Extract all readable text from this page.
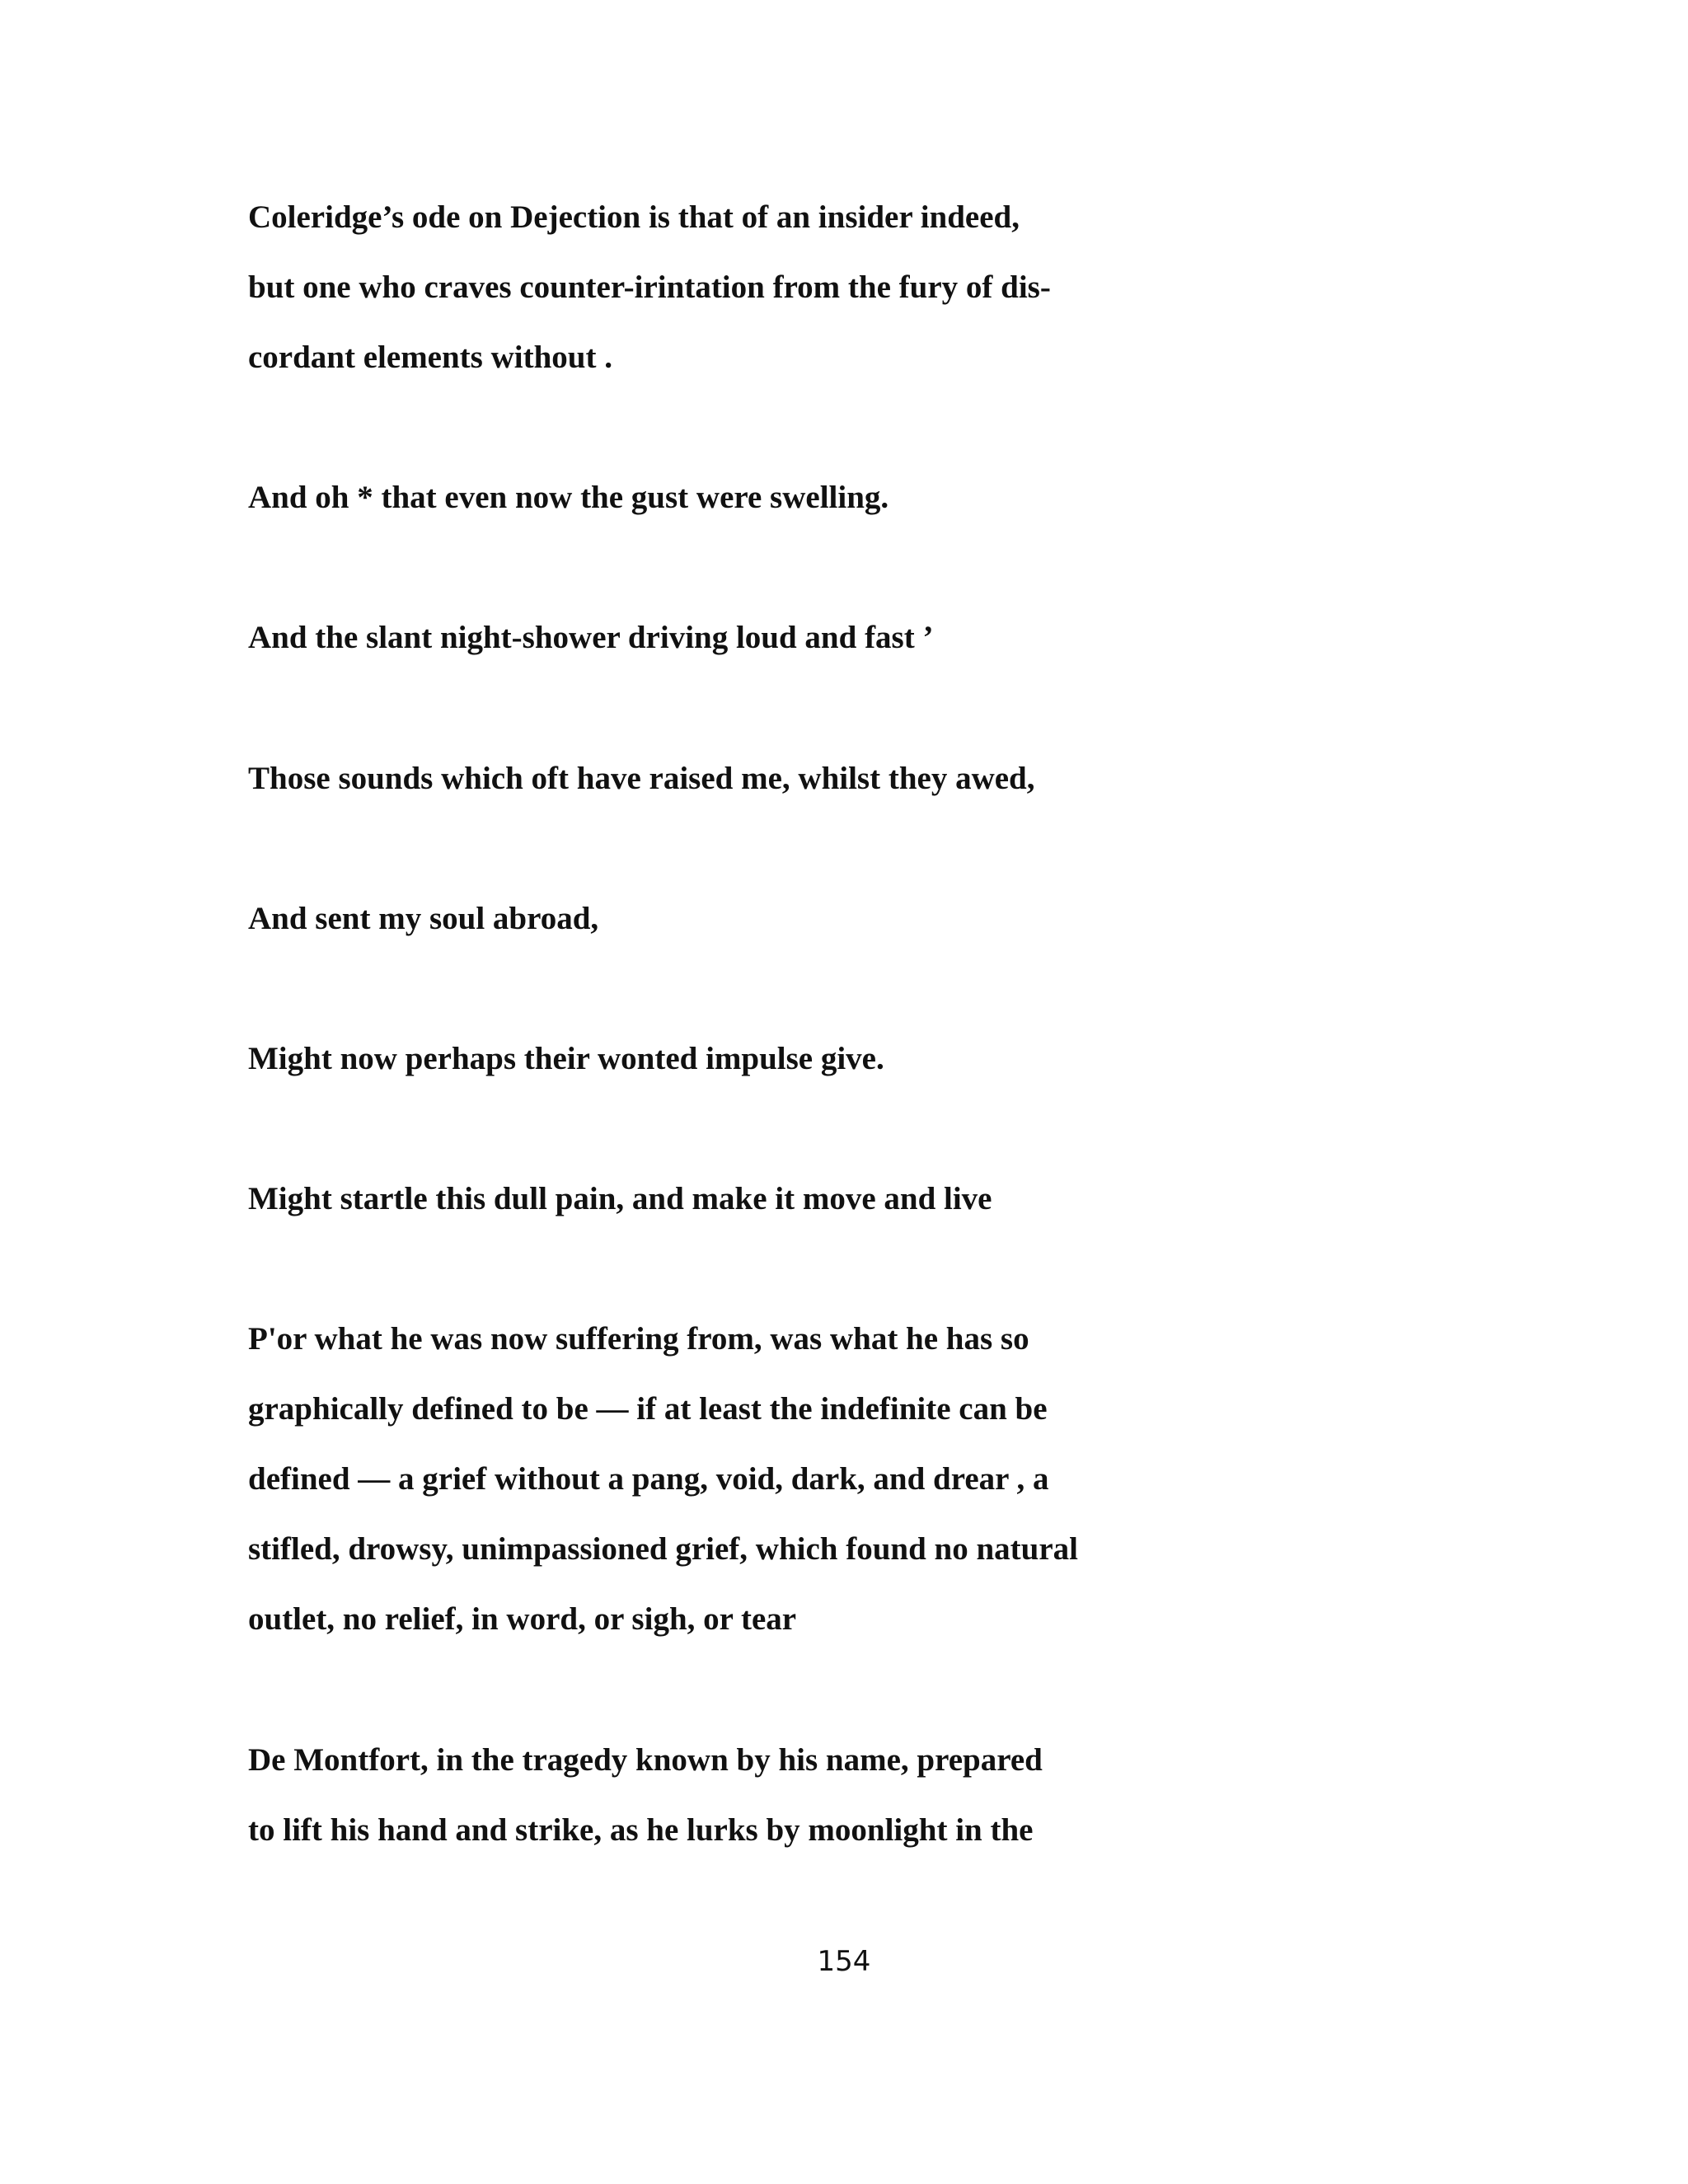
Coleridge’s ode on Dejection is that of an insider indeed,
but one who craves counter-irintation from the fury of dis-
cordant elements without .
And oh * that even now the gust were swelling.
And the slant night-shower driving loud and fast ’
Those sounds which oft have raised me, whilst they awed,
And sent my soul abroad,
Might now perhaps their wonted impulse give.
Might startle this dull pain, and make it move and live
P'or what he was now suffering from, was what he has so
graphically defined to be — if at least the indefinite can be
defined — a grief without a pang, void, dark, and drear , a
stifled, drowsy, unimpassioned grief, which found no natural
outlet, no relief, in word, or sigh, or tear
De Montfort, in the tragedy known by his name, prepared
to lift his hand and strike, as he lurks by moonlight in the
154
